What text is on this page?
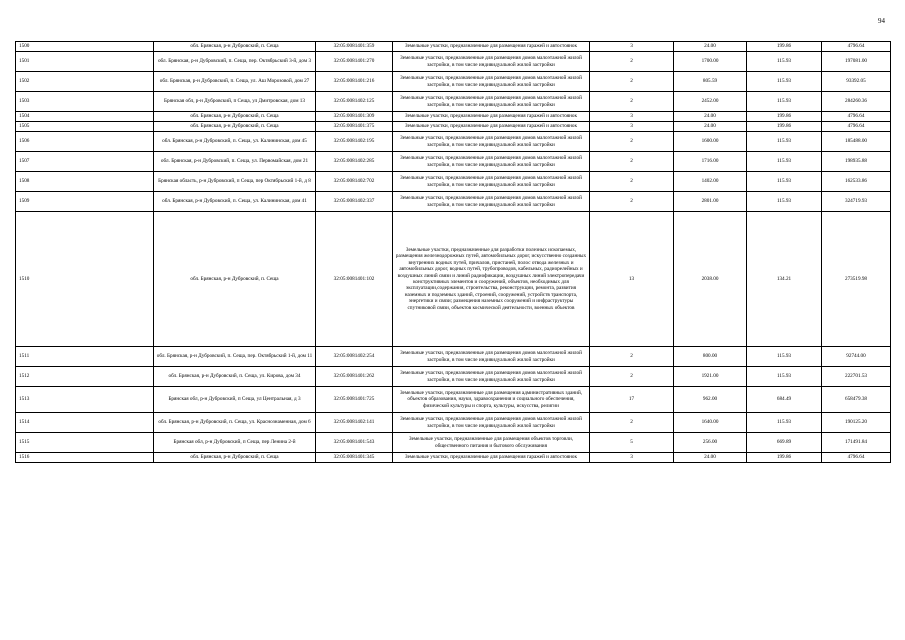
94
1500	обл. Брянская, р-н Дубровский, п. Сеща	32:05:0081401:359	Земельные участки, предназначенные для размещения гаражей и автостоянок	3	24.00	199.86	4796.64
1501	обл. Брянская, р-н Дубровский, п. Сеща, пер. Октябрьский 3-й, дом 3	32:05:0081401:270	Земельные участки, предназначенные для размещения домов малоэтажной жилой застройки, в том числе индивидуальной жилой застройки	2	1700.00	115.93	197081.00
1502	обл. Брянская, р-н Дубровский, п. Сеща, ул. Аш Морозовой, дом 27	32:05:0081401:216	Земельные участки, предназначенные для размещения домов малоэтажной жилой застройки, в том числе индивидуальной жилой застройки	2	805.59	115.93	93392.05
1503	Брянская обл, р-н Дубровский, п Сеща, ул Дмитровская, дом 13	32:05:0081402:125	Земельные участки, предназначенные для размещения домов малоэтажной жилой застройки, в том числе индивидуальной жилой застройки	2	2452.00	115.93	284260.36
1504	обл. Брянская, р-н Дубровский, п. Сеща	32:05:0081401:309	Земельные участки, предназначенные для размещения гаражей и автостоянок	3	24.00	199.86	4796.64
1505	обл. Брянская, р-н Дубровский, п. Сеща	32:05:0081401:375	Земельные участки, предназначенные для размещения гаражей и автостоянок	3	24.00	199.86	4796.64
1506	обл. Брянская, р-н Дубровский, п. Сеща, ул. Калининская, дом 45	32:05:0081402:195	Земельные участки, предназначенные для размещения домов малоэтажной жилой застройки, в том числе индивидуальной жилой застройки	2	1600.00	115.93	185488.00
1507	обл. Брянская, р-н Дубровский, п. Сеща, ул. Первомайская, дом 21	32:05:0081402:285	Земельные участки, предназначенные для размещения домов малоэтажной жилой застройки, в том числе индивидуальной жилой застройки	2	1716.00	115.93	198935.88
1508	Брянская область, р-н Дубровский, п Сеща, пер Октябрьский 1-й, д 8	32:05:0081402:702	Земельные участки, предназначенные для размещения домов малоэтажной жилой застройки, в том числе индивидуальной жилой застройки	2	1402.00	115.93	162533.86
1509	обл. Брянская, р-н Дубровский, п. Сеща, ул. Калининская, дом 41	32:05:0081402:337	Земельные участки, предназначенные для размещения домов малоэтажной жилой застройки, в том числе индивидуальной жилой застройки	2	2801.00	115.93	324719.93
1510	обл. Брянская, р-н Дубровский, п. Сеща	32:05:0081401:102	Земельные участки, предназначенные для разработки полезных ископаемых, размещения железнодорожных путей, автомобильных дорог, искусственно созданных внутренних водных путей, причалов, пристаней, полос отвода железных и автомобильных дорог, водных путей, трубопроводов, кабельных, радиорелейных и воздушных линий связи и линий радиофикации, воздушных линий электропередачи конструктивных элементов и сооружений, объектов, необходимых для эксплуатации,содержания, строительства, реконструкции, ремонта, развития наземных и подземных зданий, строений, сооружений, устройств транспорта, энергетики и связи; размещения наземных сооружений и инфраструктуры спутниковой связи, объектов космической деятельности, военных объектов	13	2038.00	134.21	273519.98
1511	обл. Брянская, р-н Дубровский, п. Сеща, пер. Октябрьский 1-й, дом 11	32:05:0081402:254	Земельные участки, предназначенные для размещения домов малоэтажной жилой застройки, в том числе индивидуальной жилой застройки	2	800.00	115.93	92744.00
1512	обл. Брянская, р-н Дубровский, п. Сеща, ул. Кирова, дом 34	32:05:0081401:262	Земельные участки, предназначенные для размещения домов малоэтажной жилой застройки, в том числе индивидуальной жилой застройки	2	1921.00	115.93	222701.53
1513	Брянская обл, р-н Дубровский, п Сеща, ул Центральная, д 3	32:05:0081401:725	Земельные участки, предназначенные для размещения административных зданий, объектов образования, науки, здравоохранения и социального обеспечения, физической культуры и спорта, культуры, искусства, религии	17	962.00	684.49	658479.38
1514	обл. Брянская, р-н Дубровский, п. Сеща, ул. Краснознаменная, дом 6	32:05:0081402:141	Земельные участки, предназначенные для размещения домов малоэтажной жилой застройки, в том числе индивидуальной жилой застройки	2	1640.00	115.93	190125.20
1515	Брянская обл, р-н Дубровский, п Сеща, пер Ленина 2-й	32:05:0081401:543	Земельные участки, предназначенные для размещения объектов торговли, общественного питания и бытового обслуживания	5	256.00	669.89	171491.84
1516	обл. Брянская, р-н Дубровский, п. Сеща	32:05:0081401:345	Земельные участки, предназначенные для размещения гаражей и автостоянок	3	24.00	199.86	4796.64
